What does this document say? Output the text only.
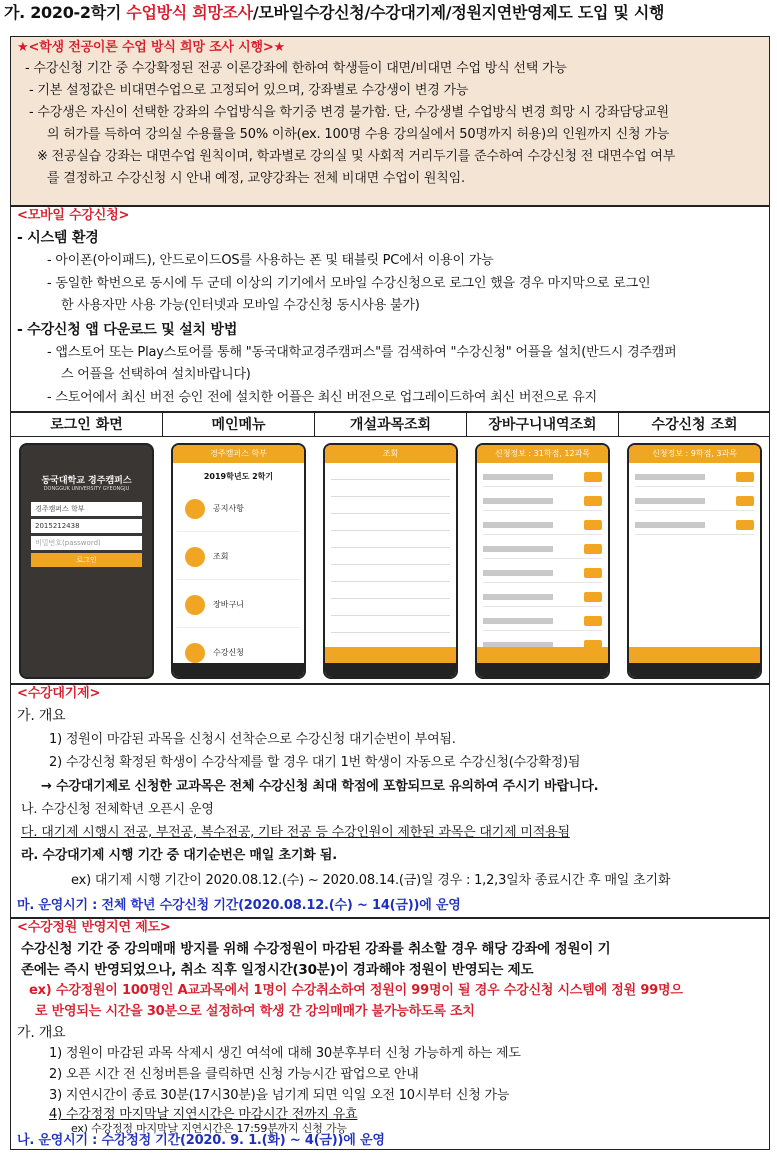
가. 2020-2학기 수업방식 희망조사/모바일수강신청/수강대기제/정원지연반영제도 도입 및 시행
★<학생 전공이론 수업 방식 희망 조사 시행>★
- 수강신청 기간 중 수강확정된 전공 이론강좌에 한하여 학생들이 대면/비대면 수업 방식 선택 가능
- 기본 설정값은 비대면수업으로 고정되어 있으며, 강좌별로 수강생이 변경 가능
- 수강생은 자신이 선택한 강좌의 수업방식을 학기중 변경 불가함. 단, 수강생별 수업방식 변경 희망 시 강좌담당교원
의 허가를 득하여 강의실 수용률을 50% 이하(ex. 100명 수용 강의실에서 50명까지 허용)의 인원까지 신청 가능
※ 전공실습 강좌는 대면수업 원칙이며, 학과별로 강의실 및 사회적 거리두기를 준수하여 수강신청 전 대면수업 여부
를 결정하고 수강신청 시 안내 예정, 교양강좌는 전체 비대면 수업이 원칙임.
<모바일 수강신청>
- 시스템 환경
- 아이폰(아이패드), 안드로이드OS를 사용하는 폰 및 태블릿 PC에서 이용이 가능
- 동일한 학번으로 동시에 두 군데 이상의 기기에서 모바일 수강신청으로 로그인 했을 경우 마지막으로 로그인
한 사용자만 사용 가능(인터넷과 모바일 수강신청 동시사용 불가)
- 수강신청 앱 다운로드 및 설치 방법
- 앱스토어 또는 Play스토어를 통해 "동국대학교경주캠퍼스"를 검색하여 "수강신청" 어플을 설치(반드시 경주캠퍼
스 어플을 선택하여 설치바랍니다)
- 스토어에서 최신 버전 승인 전에 설치한 어플은 최신 버전으로 업그레이드하여 최신 버전으로 유지
로그인 화면	메인메뉴	개설과목조회	장바구니내역조회	수강신청 조회
동국대학교 경주캠퍼스
DONGGUK UNIVERSITY GYEONGJU
경주캠퍼스 학부
2015212438
비밀번호(password)
로그인
경주캠퍼스 학부
2019학년도 2학기
공지사항
조회
장바구니
수강신청
조회	신청정보 : 31학점, 12과목	신청정보 : 9학점, 3과목
<수강대기제>
가. 개요
1) 정원이 마감된 과목을 신청시 선착순으로 수강신청 대기순번이 부여됨.
2) 수강신청 확정된 학생이 수강삭제를 할 경우 대기 1번 학생이 자동으로 수강신청(수강확정)됨
→ 수강대기제로 신청한 교과목은 전체 수강신청 최대 학점에 포함되므로 유의하여 주시기 바랍니다.
나. 수강신청 전체학년 오픈시 운영
다. 대기제 시행시 전공, 부전공, 복수전공, 기타 전공 등 수강인원이 제한된 과목은 대기제 미적용됨
라. 수강대기제 시행 기간 중 대기순번은 매일 초기화 됨.
ex) 대기제 시행 기간이 2020.08.12.(수) ~ 2020.08.14.(금)일 경우 : 1,2,3일차 종료시간 후 매일 초기화
마. 운영시기 : 전체 학년 수강신청 기간(2020.08.12.(수) ~ 14(금))에 운영
<수강정원 반영지연 제도>
수강신청 기간 중 강의매매 방지를 위해 수강정원이 마감된 강좌를 취소할 경우 해당 강좌에 정원이 기
존에는 즉시 반영되었으나, 취소 직후 일정시간(30분)이 경과해야 정원이 반영되는 제도
ex) 수강정원이 100명인 A교과목에서 1명이 수강취소하여 정원이 99명이 될 경우 수강신청 시스템에 정원 99명으
로 반영되는 시간을 30분으로 설정하여 학생 간 강의매매가 불가능하도록 조치
가. 개요
1) 정원이 마감된 과목 삭제시 생긴 여석에 대해 30분후부터 신청 가능하게 하는 제도
2) 오픈 시간 전 신청버튼을 클릭하면 신청 가능시간 팝업으로 안내
3) 지연시간이 종료 30분(17시30분)을 넘기게 되면 익일 오전 10시부터 신청 가능
4) 수강정정 마지막날 지연시간은 마감시간 전까지 유효
ex) 수강정정 마지막날 지연시간은 17:59분까지 신청 가능
나. 운영시기 : 수강정정 기간(2020. 9. 1.(화) ~ 4(금))에 운영
